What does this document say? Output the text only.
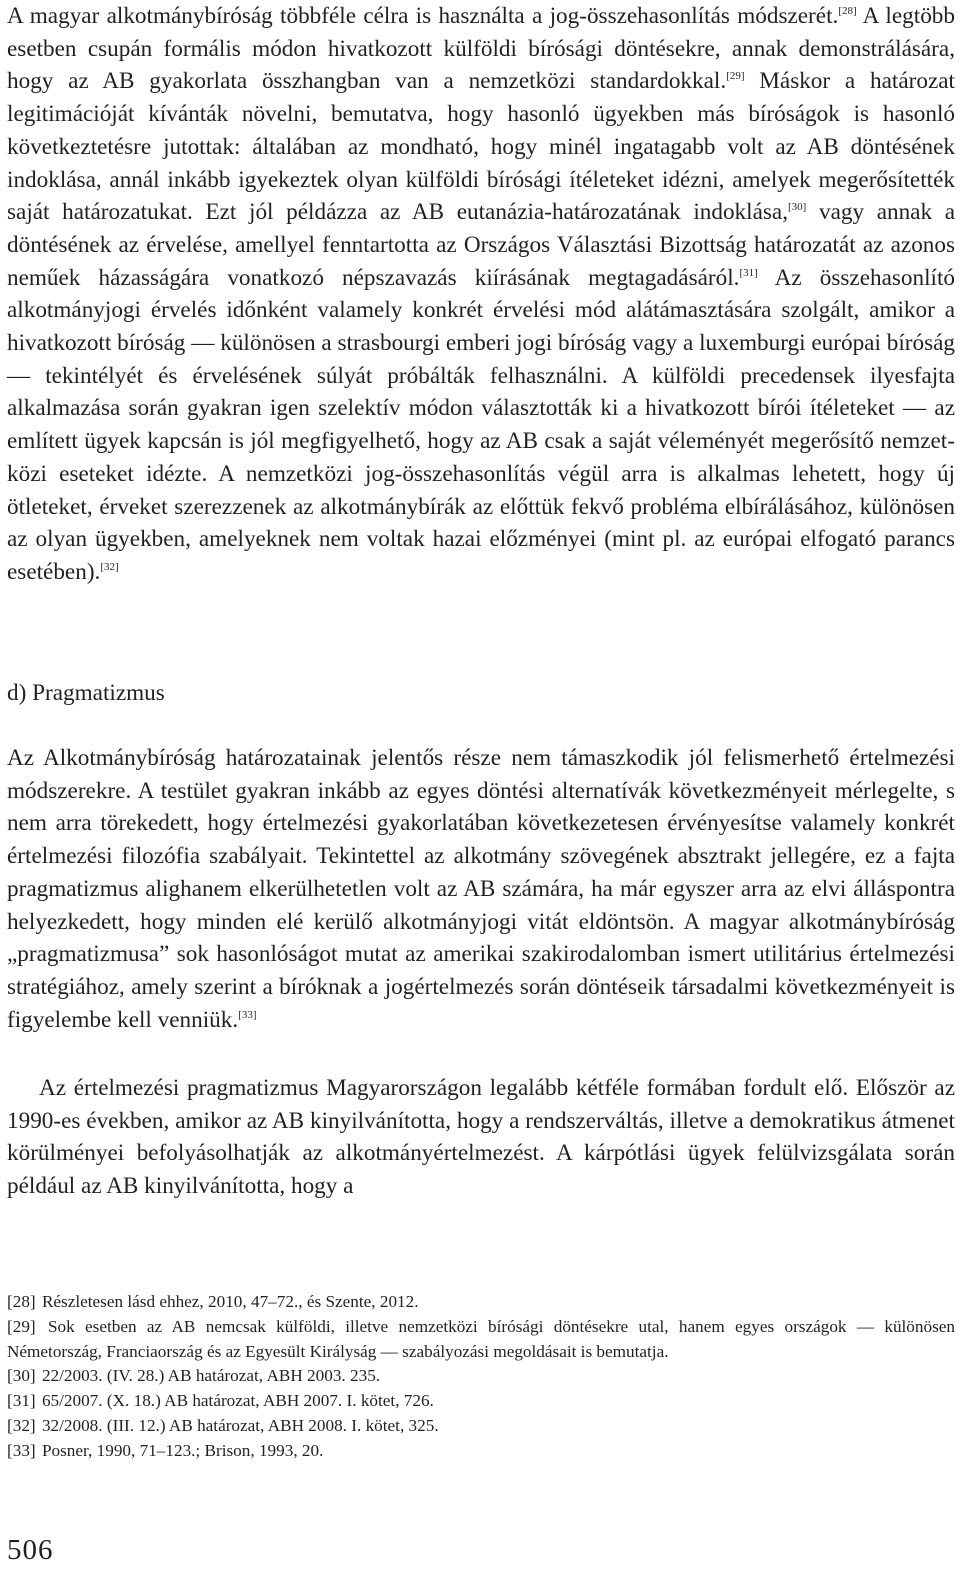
A magyar alkotmánybíróság többféle célra is használta a jog-összehasonlítás módszerét.[28] A legtöbb esetben csupán formális módon hivatkozott külföldi bírósági döntésekre, annak demonstrálására, hogy az AB gyakorlata összhangban van a nemzetközi standardokkal.[29] Máskor a határozat legitimációját kívánták növelni, bemutatva, hogy hasonló ügyekben más bíróságok is hasonló következtetésre jutottak: általában az mondható, hogy minél ingatagabb volt az AB döntésének indoklása, annál inkább igyekeztek olyan külföldi bírósági ítéleteket idézni, amelyek megerősítették saját határozatukat. Ezt jól példázza az AB eutanázia-határozatának indoklása,[30] vagy annak a döntésének az érvelése, amellyel fenntartotta az Országos Választási Bizottság határozatát az azonos neműek házasságára vonatkozó népszavazás kiírásának megtagadásáról.[31] Az összehasonlító alkotmányjogi érvelés időnként valamely konkrét érvelési mód alátámasztására szolgált, amikor a hivatkozott bíróság — különösen a strasbourgi emberi jogi bíróság vagy a luxemburgi európai bíróság — tekintélyét és érvelésének súlyát próbálták felhasználni. A külföldi precedensek ilyesfajta alkalmazása során gyakran igen szelektív módon választották ki a hivatkozott bírói ítéleteket — az említett ügyek kapcsán is jól megfigyelhető, hogy az AB csak a saját véleményét megerősítő nemzetközi eseteket idézte. A nemzetközi jog-összehasonlítás végül arra is alkalmas lehetett, hogy új ötleteket, érveket szerezzenek az alkotmánybírák az előttük fekvő probléma elbírálásához, különösen az olyan ügyekben, amelyeknek nem voltak hazai előzményei (mint pl. az európai elfogató parancs esetében).[32]

d) Pragmatizmus

Az Alkotmánybíróság határozatainak jelentős része nem támaszkodik jól felismerhető értelmezési módszerekre. A testület gyakran inkább az egyes döntési alternatívák következményeit mérlegelte, s nem arra törekedett, hogy értelmezési gyakorlatában következetesen érvényesítse valamely konkrét értelmezési filozófia szabályait. Tekintettel az alkotmány szövegének absztrakt jellegére, ez a fajta pragmatizmus alighanem elkerülhetetlen volt az AB számára, ha már egyszer arra az elvi álláspontra helyezkedett, hogy minden elé kerülő alkotmányjogi vitát eldöntsön. A magyar alkotmánybíróság „pragmatizmusa” sok hasonlóságot mutat az amerikai szakirodalomban ismert utilitárius értelmezési stratégiához, amely szerint a bíróknak a jogértelmezés során döntéseik társadalmi következményeit is figyelembe kell venniük.[33]

Az értelmezési pragmatizmus Magyarországon legalább kétféle formában fordult elő. Először az 1990-es években, amikor az AB kinyilvánította, hogy a rendszerváltás, illetve a demokratikus átmenet körülményei befolyásolhatják az alkotmányértelmezést. A kárpótlási ügyek felülvizsgálata során például az AB kinyilvánította, hogy a

[28] Részletesen lásd ehhez, 2010, 47–72., és Szente, 2012.

[29] Sok esetben az AB nemcsak külföldi, illetve nemzetközi bírósági döntésekre utal, hanem egyes országok — különösen Németország, Franciaország és az Egyesült Királyság — szabályozási megoldásait is bemutatja.

[30] 22/2003. (IV. 28.) AB határozat, ABH 2003. 235.

[31] 65/2007. (X. 18.) AB határozat, ABH 2007. I. kötet, 726.

[32] 32/2008. (III. 12.) AB határozat, ABH 2008. I. kötet, 325.

[33] Posner, 1990, 71–123.; Brison, 1993, 20.

506
